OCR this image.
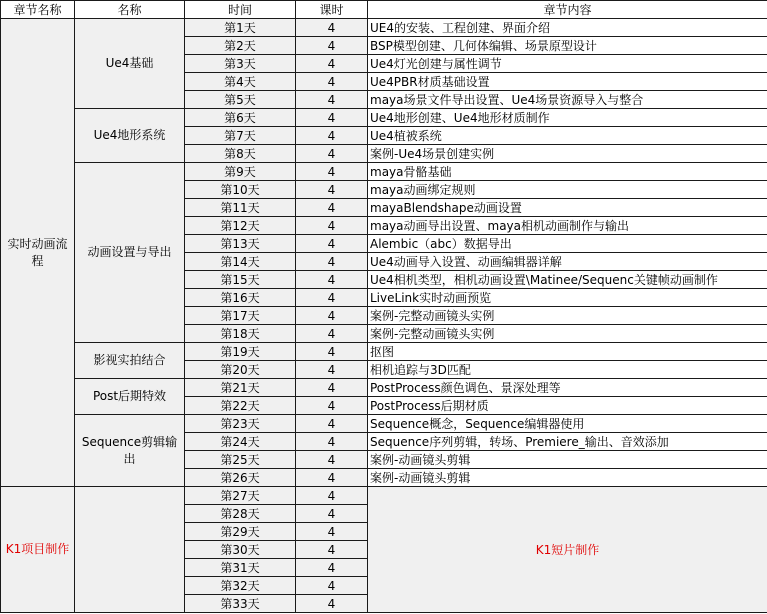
章节名称	名称	时间	课时	章节内容
实时动画流程	Ue4基础	第1天	4	UE4的安装、工程创建、界面介绍
		第2天	4	BSP模型创建、几何体编辑、场景原型设计
		第3天	4	Ue4灯光创建与属性调节
		第4天	4	Ue4PBR材质基础设置
		第5天	4	maya场景文件导出设置、Ue4场景资源导入与整合
	Ue4地形系统	第6天	4	Ue4地形创建、Ue4地形材质制作
		第7天	4	Ue4植被系统
		第8天	4	案例-Ue4场景创建实例
	动画设置与导出	第9天	4	maya骨骼基础
		第10天	4	maya动画绑定规则
		第11天	4	mayaBlendshape动画设置
		第12天	4	maya动画导出设置、maya相机动画制作与输出
		第13天	4	Alembic（abc）数据导出
		第14天	4	Ue4动画导入设置、动画编辑器详解
		第15天	4	Ue4相机类型，相机动画设置\Matinee/Sequenc关键帧动画制作
		第16天	4	LiveLink实时动画预览
		第17天	4	案例-完整动画镜头实例
		第18天	4	案例-完整动画镜头实例
	影视实拍结合	第19天	4	抠图
		第20天	4	相机追踪与3D匹配
	Post后期特效	第21天	4	PostProcess颜色调色、景深处理等
		第22天	4	PostProcess后期材质
	Sequence剪辑输出	第23天	4	Sequence概念，Sequence编辑器使用
		第24天	4	Sequence序列剪辑，转场、Premiere_输出、音效添加
		第25天	4	案例-动画镜头剪辑
		第26天	4	案例-动画镜头剪辑
K1项目制作		第27天	4	K1短片制作
		第28天	4	
		第29天	4	
		第30天	4	
		第31天	4	
		第32天	4	
		第33天	4	
